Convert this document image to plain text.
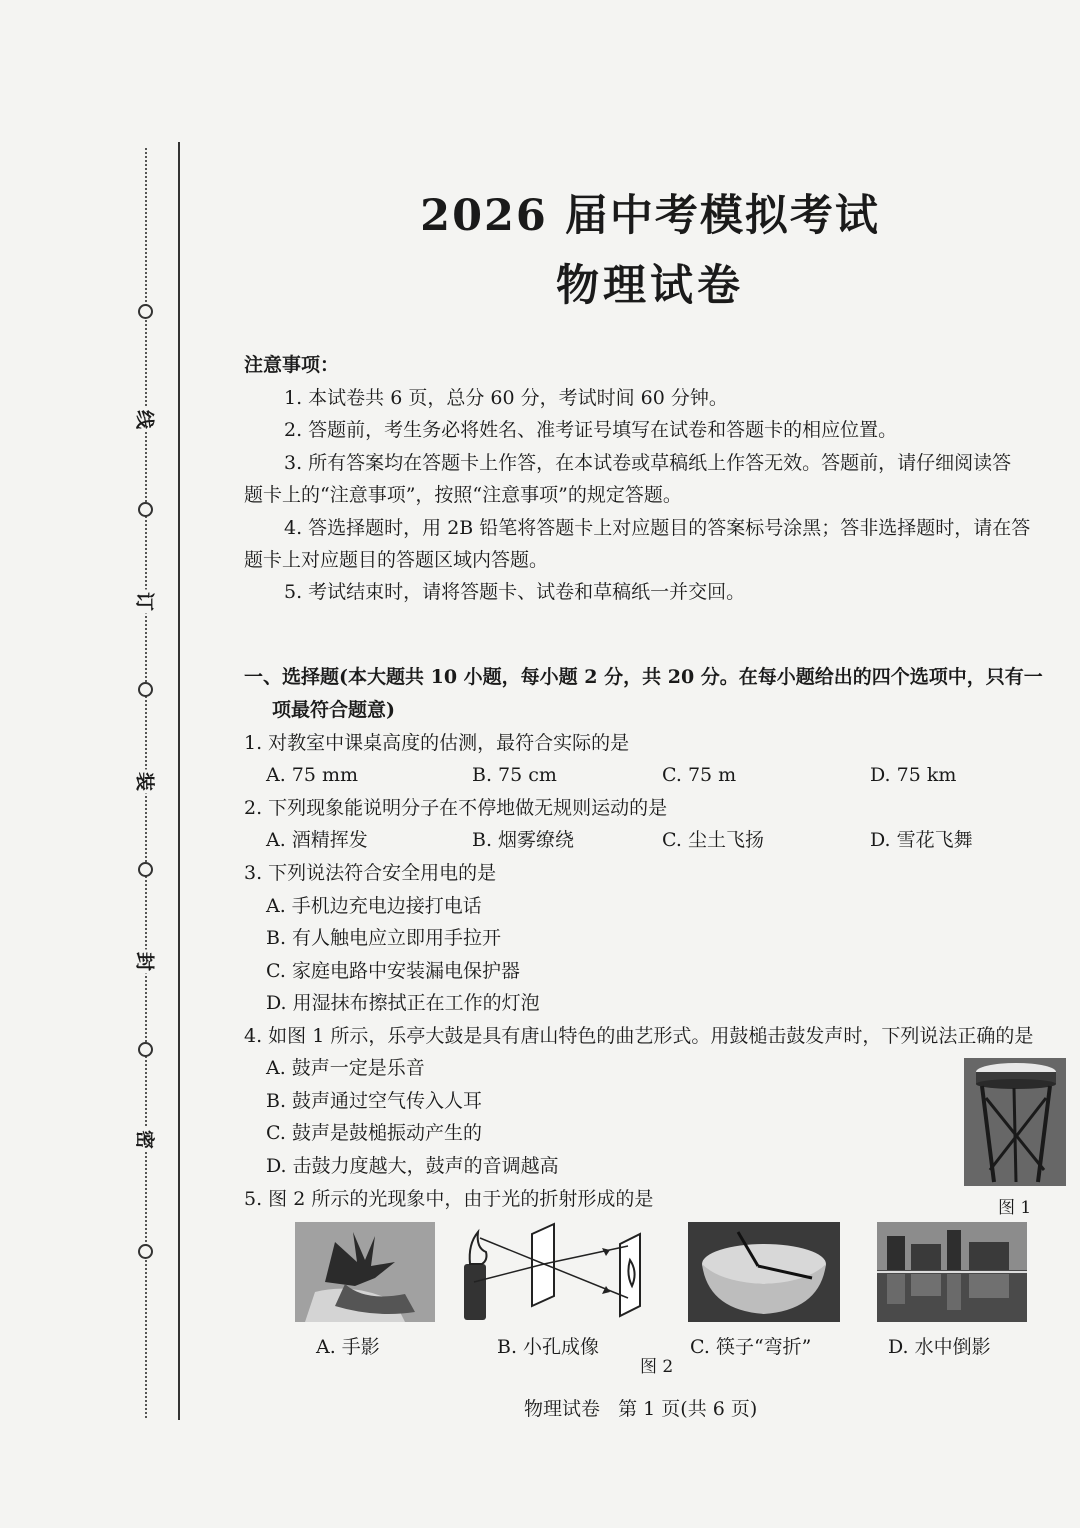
线
订
装
封
密
2026 届中考模拟考试
物理试卷
注意事项：
1. 本试卷共 6 页，总分 60 分，考试时间 60 分钟。
2. 答题前，考生务必将姓名、准考证号填写在试卷和答题卡的相应位置。
3. 所有答案均在答题卡上作答，在本试卷或草稿纸上作答无效。答题前，请仔细阅读答
题卡上的“注意事项”，按照“注意事项”的规定答题。
4. 答选择题时，用 2B 铅笔将答题卡上对应题目的答案标号涂黑；答非选择题时，请在答
题卡上对应题目的答题区域内答题。
5. 考试结束时，请将答题卡、试卷和草稿纸一并交回。
一、选择题(本大题共 10 小题，每小题 2 分，共 20 分。在每小题给出的四个选项中，只有一
项最符合题意)
1. 对教室中课桌高度的估测，最符合实际的是
A. 75 mm	B. 75 cm	C. 75 m	D. 75 km
2. 下列现象能说明分子在不停地做无规则运动的是
A. 酒精挥发	B. 烟雾缭绕	C. 尘土飞扬	D. 雪花飞舞
3. 下列说法符合安全用电的是
A. 手机边充电边接打电话
B. 有人触电应立即用手拉开
C. 家庭电路中安装漏电保护器
D. 用湿抹布擦拭正在工作的灯泡
4. 如图 1 所示，乐亭大鼓是具有唐山特色的曲艺形式。用鼓槌击鼓发声时，下列说法正确的是
A. 鼓声一定是乐音
B. 鼓声通过空气传入人耳
C. 鼓声是鼓槌振动产生的
D. 击鼓力度越大，鼓声的音调越高
图 1
5. 图 2 所示的光现象中，由于光的折射形成的是
A. 手影	B. 小孔成像	C. 筷子“弯折”	D. 水中倒影
图 2
物理试卷   第 1 页(共 6 页)
